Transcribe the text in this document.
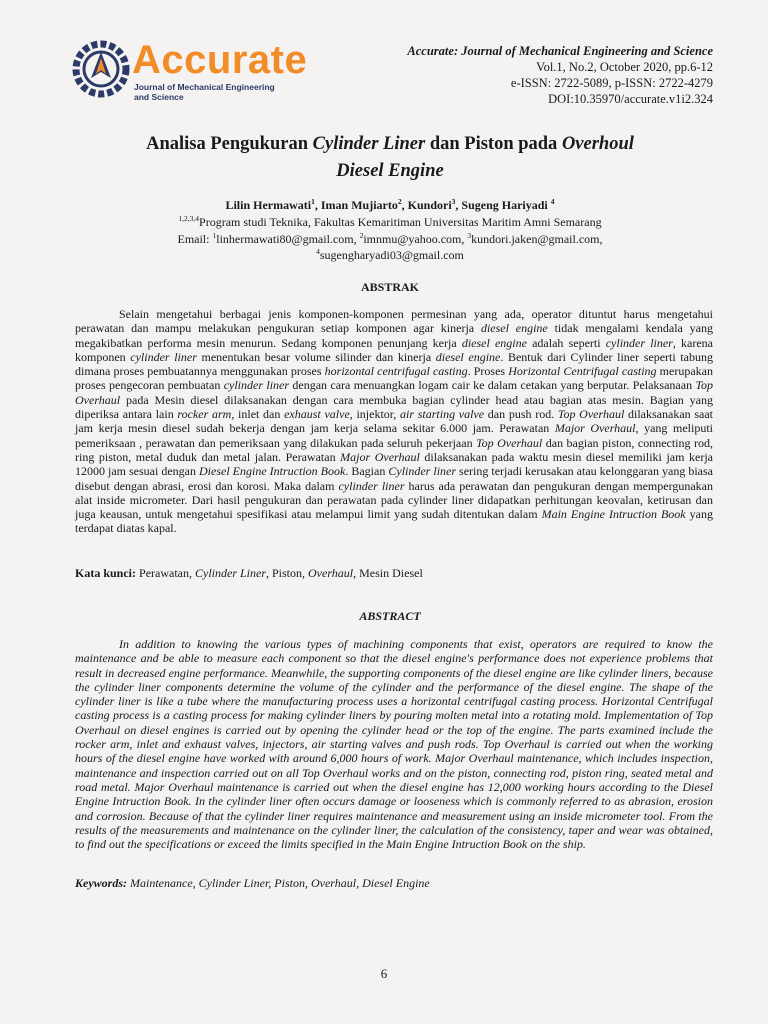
Accurate
Journal of Mechanical Engineering
and Science
Accurate: Journal of Mechanical Engineering and Science
Vol.1, No.2, October 2020, pp.6-12
e-ISSN: 2722-5089, p-ISSN: 2722-4279
DOI:10.35970/accurate.v1i2.324
Analisa Pengukuran Cylinder Liner dan Piston pada Overhoul
Diesel Engine
Lilin Hermawati$^1$, Iman Mujiarto$^2$, Kundori$^3$, Sugeng Hariyadi $^4$
$^{1,2,3,4}$Program studi Teknika, Fakultas Kemaritiman Universitas Maritim Amni Semarang
Email: $^1$linhermawati80@gmail.com, $^2$imnmu@yahoo.com, $^3$kundori.jaken@gmail.com,
$^4$sugengharyadi03@gmail.com
ABSTRAK
Selain mengetahui berbagai jenis komponen-komponen permesinan yang ada, operator dituntut harus mengetahui perawatan dan mampu melakukan pengukuran setiap komponen agar kinerja diesel engine tidak mengalami kendala yang megakibatkan performa mesin menurun. Sedang komponen penunjang kerja diesel engine adalah seperti cylinder liner, karena komponen cylinder liner menentukan besar volume silinder dan kinerja diesel engine. Bentuk dari Cylinder liner seperti tabung dimana proses pembuatannya menggunakan proses horizontal centrifugal casting. Proses Horizontal Centrifugal casting merupakan proses pengecoran pembuatan cylinder liner dengan cara menuangkan logam cair ke dalam cetakan yang berputar. Pelaksanaan Top Overhaul pada Mesin diesel dilaksanakan dengan cara membuka bagian cylinder head atau bagian atas mesin. Bagian yang diperiksa antara lain rocker arm, inlet dan exhaust valve, injektor, air starting valve dan push rod. Top Overhaul dilaksanakan saat jam kerja mesin diesel sudah bekerja dengan jam kerja selama sekitar 6.000 jam. Perawatan Major Overhaul, yang meliputi pemeriksaan , perawatan dan pemeriksaan yang dilakukan pada seluruh pekerjaan Top Overhaul dan bagian piston, connecting rod, ring piston, metal duduk dan metal jalan. Perawatan Major Overhaul dilaksanakan pada waktu mesin diesel memiliki jam kerja 12000 jam sesuai dengan Diesel Engine Intruction Book. Bagian Cylinder liner sering terjadi kerusakan atau kelonggaran yang biasa disebut dengan abrasi, erosi dan korosi. Maka dalam cylinder liner harus ada perawatan dan pengukuran dengan mempergunakan alat inside micrometer. Dari hasil pengukuran dan perawatan pada cylinder liner didapatkan perhitungan keovalan, ketirusan dan juga keausan, untuk mengetahui spesifikasi atau melampui limit yang sudah ditentukan dalam Main Engine Intruction Book yang terdapat diatas kapal.
Kata kunci: Perawatan, Cylinder Liner, Piston, Overhaul, Mesin Diesel
ABSTRACT
In addition to knowing the various types of machining components that exist, operators are required to know the maintenance and be able to measure each component so that the diesel engine's performance does not experience problems that result in decreased engine performance. Meanwhile, the supporting components of the diesel engine are like cylinder liners, because the cylinder liner components determine the volume of the cylinder and the performance of the diesel engine. The shape of the cylinder liner is like a tube where the manufacturing process uses a horizontal centrifugal casting process. Horizontal Centrifugal casting process is a casting process for making cylinder liners by pouring molten metal into a rotating mold. Implementation of Top Overhaul on diesel engines is carried out by opening the cylinder head or the top of the engine. The parts examined include the rocker arm, inlet and exhaust valves, injectors, air starting valves and push rods. Top Overhaul is carried out when the working hours of the diesel engine have worked with around 6,000 hours of work. Major Overhaul maintenance, which includes inspection, maintenance and inspection carried out on all Top Overhaul works and on the piston, connecting rod, piston ring, seated metal and road metal. Major Overhaul maintenance is carried out when the diesel engine has 12,000 working hours according to the Diesel Engine Intruction Book. In the cylinder liner often occurs damage or looseness which is commonly referred to as abrasion, erosion and corrosion. Because of that the cylinder liner requires maintenance and measurement using an inside micrometer tool. From the results of the measurements and maintenance on the cylinder liner, the calculation of the consistency, taper and wear was obtained, to find out the specifications or exceed the limits specified in the Main Engine Intruction Book on the ship.
Keywords: Maintenance, Cylinder Liner, Piston, Overhaul, Diesel Engine
6
